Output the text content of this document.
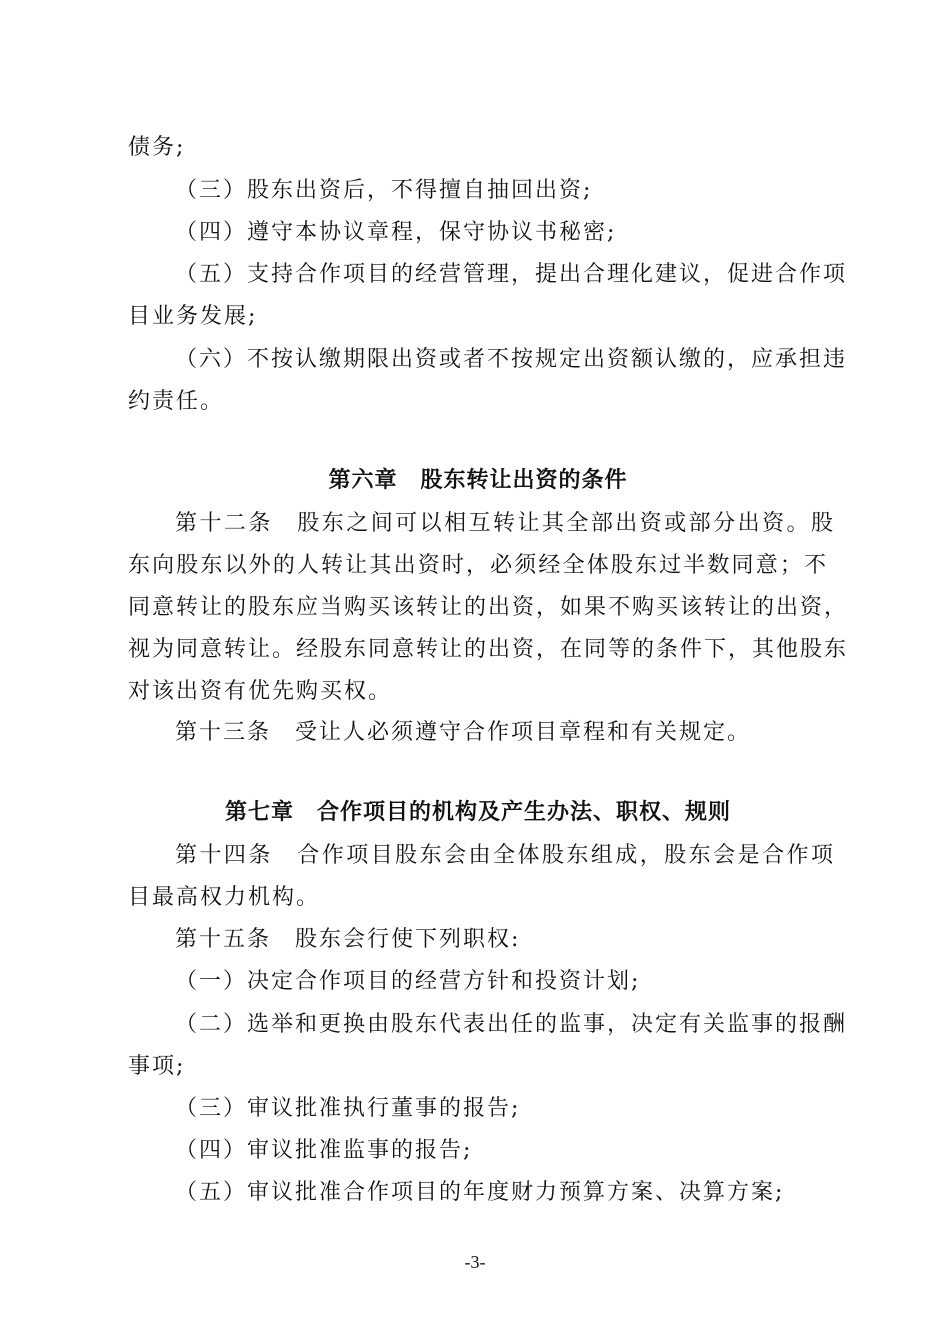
债务;
（三）股东出资后，不得擅自抽回出资;
（四）遵守本协议章程，保守协议书秘密;
（五）支持合作项目的经营管理，提出合理化建议，促进合作项
目业务发展;
（六）不按认缴期限出资或者不按规定出资额认缴的，应承担违
约责任。
第六章　股东转让出资的条件
第十二条　股东之间可以相互转让其全部出资或部分出资。股
东向股东以外的人转让其出资时，必须经全体股东过半数同意；不
同意转让的股东应当购买该转让的出资，如果不购买该转让的出资，
视为同意转让。经股东同意转让的出资，在同等的条件下，其他股东
对该出资有优先购买权。
第十三条　受让人必须遵守合作项目章程和有关规定。
第七章　合作项目的机构及产生办法、职权、规则
第十四条　合作项目股东会由全体股东组成，股东会是合作项
目最高权力机构。
第十五条　股东会行使下列职权:
（一）决定合作项目的经营方针和投资计划;
（二）选举和更换由股东代表出任的监事，决定有关监事的报酬
事项;
（三）审议批准执行董事的报告;
（四）审议批准监事的报告;
（五）审议批准合作项目的年度财力预算方案、决算方案;
-3-
